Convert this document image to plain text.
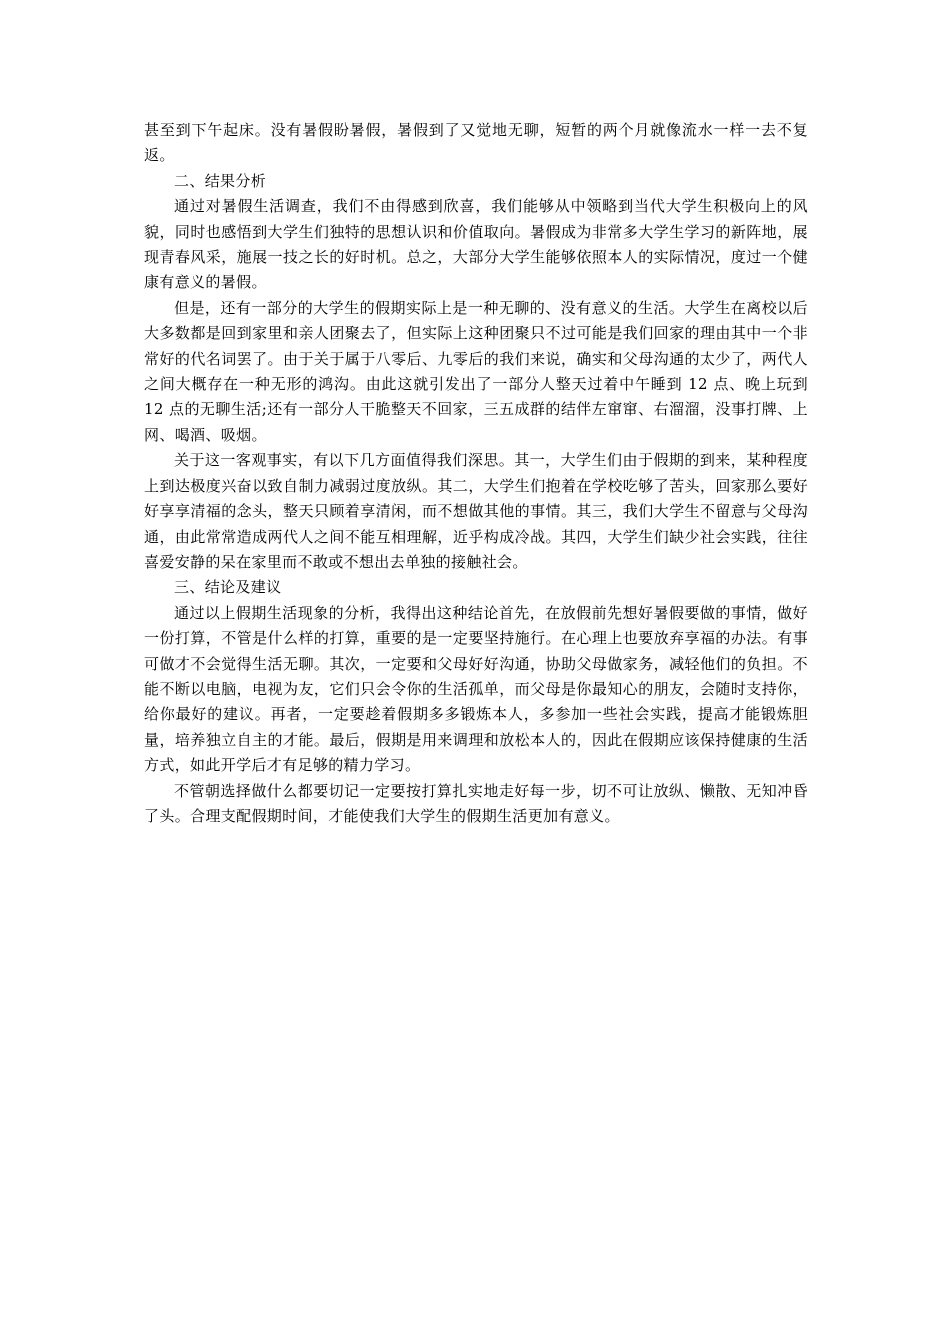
甚至到下午起床。没有暑假盼暑假，暑假到了又觉地无聊，短暂的两个月就像流水一样一去不复返。

二、结果分析

通过对暑假生活调查，我们不由得感到欣喜，我们能够从中领略到当代大学生积极向上的风貌，同时也感悟到大学生们独特的思想认识和价值取向。暑假成为非常多大学生学习的新阵地，展现青春风采，施展一技之长的好时机。总之，大部分大学生能够依照本人的实际情况，度过一个健康有意义的暑假。

但是，还有一部分的大学生的假期实际上是一种无聊的、没有意义的生活。大学生在离校以后大多数都是回到家里和亲人团聚去了，但实际上这种团聚只不过可能是我们回家的理由其中一个非常好的代名词罢了。由于关于属于八零后、九零后的我们来说，确实和父母沟通的太少了，两代人之间大概存在一种无形的鸿沟。由此这就引发出了一部分人整天过着中午睡到 12 点、晚上玩到 12 点的无聊生活;还有一部分人干脆整天不回家，三五成群的结伴左窜窜、右溜溜，没事打牌、上网、喝酒、吸烟。

关于这一客观事实，有以下几方面值得我们深思。其一，大学生们由于假期的到来，某种程度上到达极度兴奋以致自制力减弱过度放纵。其二，大学生们抱着在学校吃够了苦头，回家那么要好好享享清福的念头，整天只顾着享清闲，而不想做其他的事情。其三，我们大学生不留意与父母沟通，由此常常造成两代人之间不能互相理解，近乎构成冷战。其四，大学生们缺少社会实践，往往喜爱安静的呆在家里而不敢或不想出去单独的接触社会。

三、结论及建议

通过以上假期生活现象的分析，我得出这种结论首先，在放假前先想好暑假要做的事情，做好一份打算，不管是什么样的打算，重要的是一定要坚持施行。在心理上也要放弃享福的办法。有事可做才不会觉得生活无聊。其次，一定要和父母好好沟通，协助父母做家务，减轻他们的负担。不能不断以电脑，电视为友，它们只会令你的生活孤单，而父母是你最知心的朋友，会随时支持你，给你最好的建议。再者，一定要趁着假期多多锻炼本人，多参加一些社会实践，提高才能锻炼胆量，培养独立自主的才能。最后，假期是用来调理和放松本人的，因此在假期应该保持健康的生活方式，如此开学后才有足够的精力学习。

不管朝选择做什么都要切记一定要按打算扎实地走好每一步，切不可让放纵、懒散、无知冲昏了头。合理支配假期时间，才能使我们大学生的假期生活更加有意义。
